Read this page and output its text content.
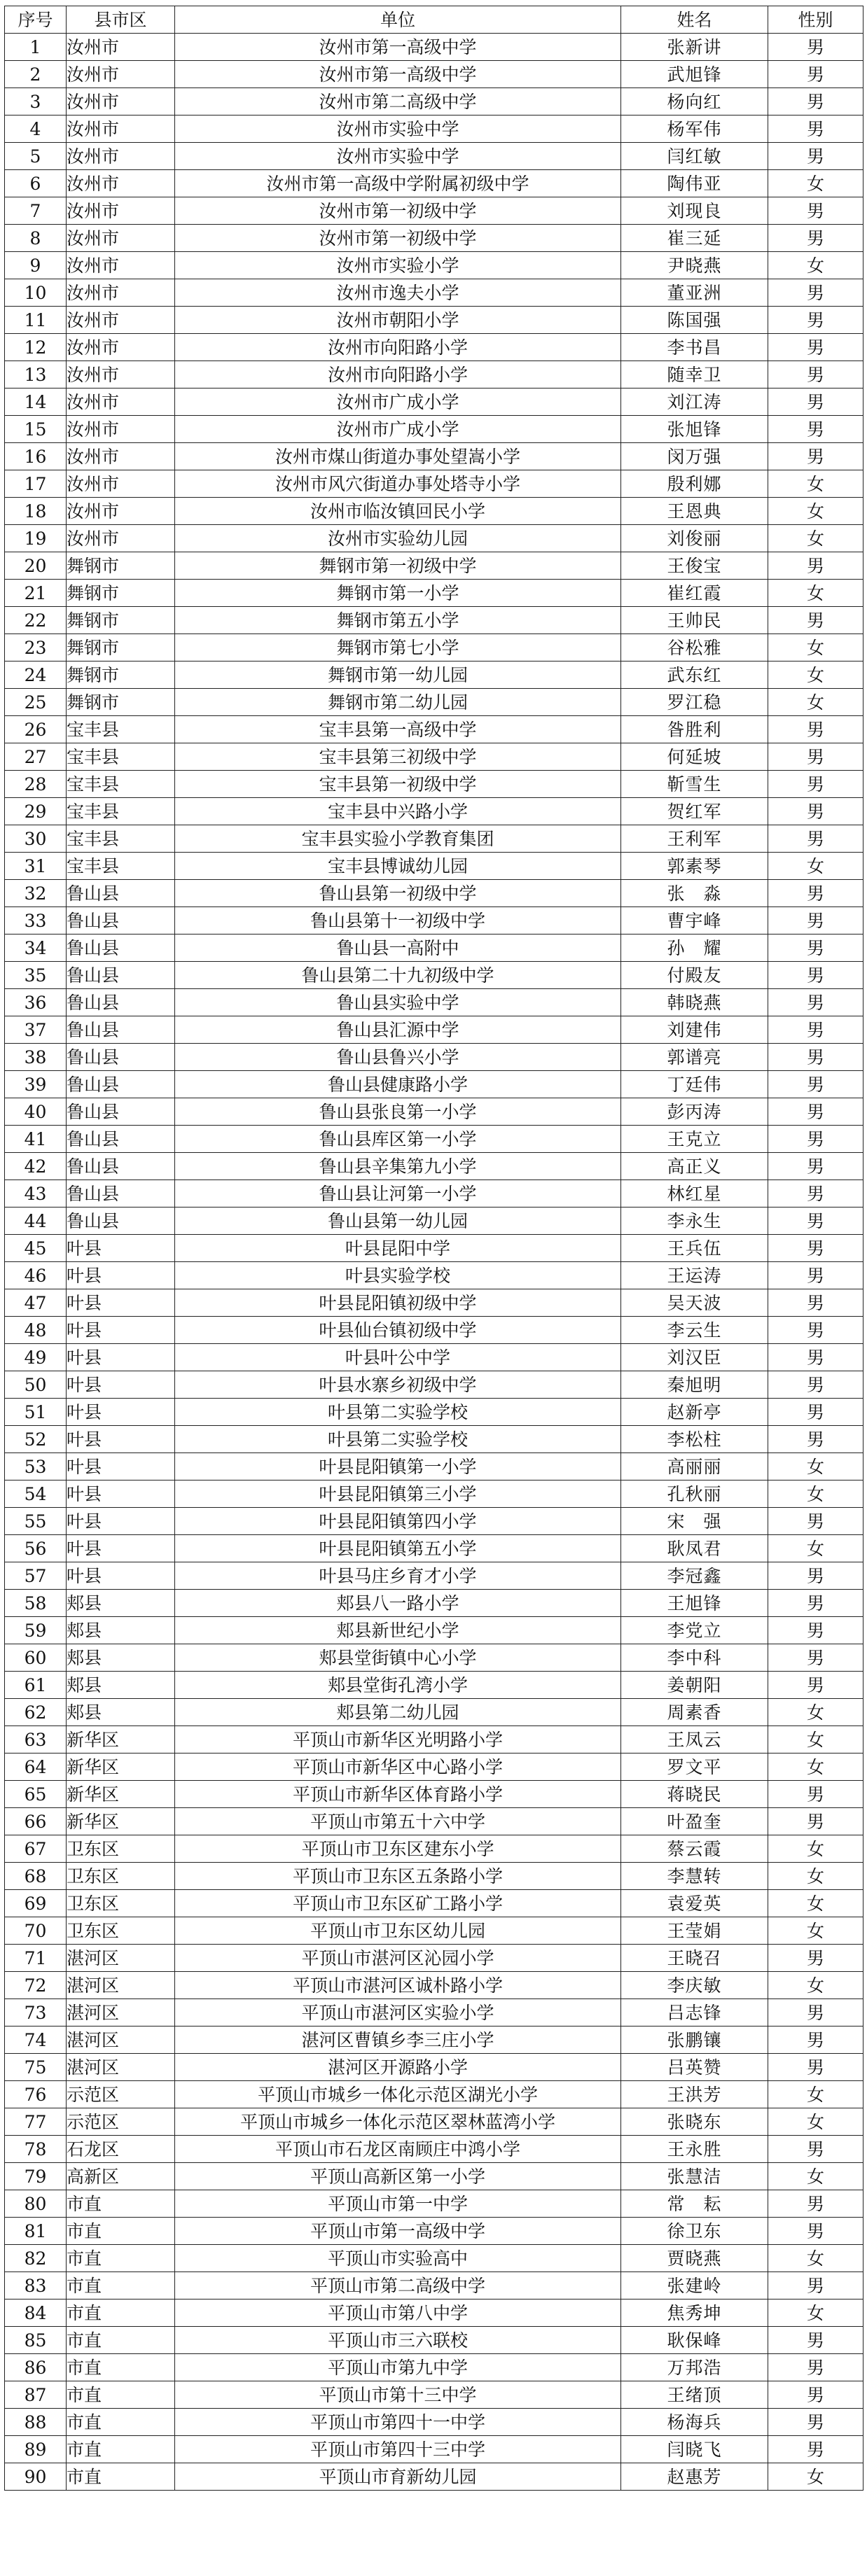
序号	县市区	单位	姓名	性别
1	汝州市	汝州市第一高级中学	张新讲	男
2	汝州市	汝州市第一高级中学	武旭锋	男
3	汝州市	汝州市第二高级中学	杨向红	男
4	汝州市	汝州市实验中学	杨军伟	男
5	汝州市	汝州市实验中学	闫红敏	男
6	汝州市	汝州市第一高级中学附属初级中学	陶伟亚	女
7	汝州市	汝州市第一初级中学	刘现良	男
8	汝州市	汝州市第一初级中学	崔三延	男
9	汝州市	汝州市实验小学	尹晓燕	女
10	汝州市	汝州市逸夫小学	董亚洲	男
11	汝州市	汝州市朝阳小学	陈国强	男
12	汝州市	汝州市向阳路小学	李书昌	男
13	汝州市	汝州市向阳路小学	随幸卫	男
14	汝州市	汝州市广成小学	刘江涛	男
15	汝州市	汝州市广成小学	张旭锋	男
16	汝州市	汝州市煤山街道办事处望嵩小学	闵万强	男
17	汝州市	汝州市风穴街道办事处塔寺小学	殷利娜	女
18	汝州市	汝州市临汝镇回民小学	王恩典	女
19	汝州市	汝州市实验幼儿园	刘俊丽	女
20	舞钢市	舞钢市第一初级中学	王俊宝	男
21	舞钢市	舞钢市第一小学	崔红霞	女
22	舞钢市	舞钢市第五小学	王帅民	男
23	舞钢市	舞钢市第七小学	谷松雅	女
24	舞钢市	舞钢市第一幼儿园	武东红	女
25	舞钢市	舞钢市第二幼儿园	罗江稳	女
26	宝丰县	宝丰县第一高级中学	昝胜利	男
27	宝丰县	宝丰县第三初级中学	何延坡	男
28	宝丰县	宝丰县第一初级中学	靳雪生	男
29	宝丰县	宝丰县中兴路小学	贺红军	男
30	宝丰县	宝丰县实验小学教育集团	王利军	男
31	宝丰县	宝丰县博诚幼儿园	郭素琴	女
32	鲁山县	鲁山县第一初级中学	张　淼	男
33	鲁山县	鲁山县第十一初级中学	曹宇峰	男
34	鲁山县	鲁山县一高附中	孙　耀	男
35	鲁山县	鲁山县第二十九初级中学	付殿友	男
36	鲁山县	鲁山县实验中学	韩晓燕	男
37	鲁山县	鲁山县汇源中学	刘建伟	男
38	鲁山县	鲁山县鲁兴小学	郭谱亮	男
39	鲁山县	鲁山县健康路小学	丁廷伟	男
40	鲁山县	鲁山县张良第一小学	彭丙涛	男
41	鲁山县	鲁山县库区第一小学	王克立	男
42	鲁山县	鲁山县辛集第九小学	高正义	男
43	鲁山县	鲁山县让河第一小学	林红星	男
44	鲁山县	鲁山县第一幼儿园	李永生	男
45	叶县	叶县昆阳中学	王兵伍	男
46	叶县	叶县实验学校	王运涛	男
47	叶县	叶县昆阳镇初级中学	吴天波	男
48	叶县	叶县仙台镇初级中学	李云生	男
49	叶县	叶县叶公中学	刘汉臣	男
50	叶县	叶县水寨乡初级中学	秦旭明	男
51	叶县	叶县第二实验学校	赵新亭	男
52	叶县	叶县第二实验学校	李松柱	男
53	叶县	叶县昆阳镇第一小学	高丽丽	女
54	叶县	叶县昆阳镇第三小学	孔秋丽	女
55	叶县	叶县昆阳镇第四小学	宋　强	男
56	叶县	叶县昆阳镇第五小学	耿凤君	女
57	叶县	叶县马庄乡育才小学	李冠鑫	男
58	郏县	郏县八一路小学	王旭锋	男
59	郏县	郏县新世纪小学	李党立	男
60	郏县	郏县堂街镇中心小学	李中科	男
61	郏县	郏县堂街孔湾小学	姜朝阳	男
62	郏县	郏县第二幼儿园	周素香	女
63	新华区	平顶山市新华区光明路小学	王凤云	女
64	新华区	平顶山市新华区中心路小学	罗文平	女
65	新华区	平顶山市新华区体育路小学	蒋晓民	男
66	新华区	平顶山市第五十六中学	叶盈奎	男
67	卫东区	平顶山市卫东区建东小学	蔡云霞	女
68	卫东区	平顶山市卫东区五条路小学	李慧转	女
69	卫东区	平顶山市卫东区矿工路小学	袁爱英	女
70	卫东区	平顶山市卫东区幼儿园	王莹娟	女
71	湛河区	平顶山市湛河区沁园小学	王晓召	男
72	湛河区	平顶山市湛河区诚朴路小学	李庆敏	女
73	湛河区	平顶山市湛河区实验小学	吕志锋	男
74	湛河区	湛河区曹镇乡李三庄小学	张鹏镶	男
75	湛河区	湛河区开源路小学	吕英赞	男
76	示范区	平顶山市城乡一体化示范区湖光小学	王洪芳	女
77	示范区	平顶山市城乡一体化示范区翠林蓝湾小学	张晓东	女
78	石龙区	平顶山市石龙区南顾庄中鸿小学	王永胜	男
79	高新区	平顶山高新区第一小学	张慧洁	女
80	市直	平顶山市第一中学	常　耘	男
81	市直	平顶山市第一高级中学	徐卫东	男
82	市直	平顶山市实验高中	贾晓燕	女
83	市直	平顶山市第二高级中学	张建岭	男
84	市直	平顶山市第八中学	焦秀坤	女
85	市直	平顶山市三六联校	耿保峰	男
86	市直	平顶山市第九中学	万邦浩	男
87	市直	平顶山市第十三中学	王绪顶	男
88	市直	平顶山市第四十一中学	杨海兵	男
89	市直	平顶山市第四十三中学	闫晓飞	男
90	市直	平顶山市育新幼儿园	赵惠芳	女
